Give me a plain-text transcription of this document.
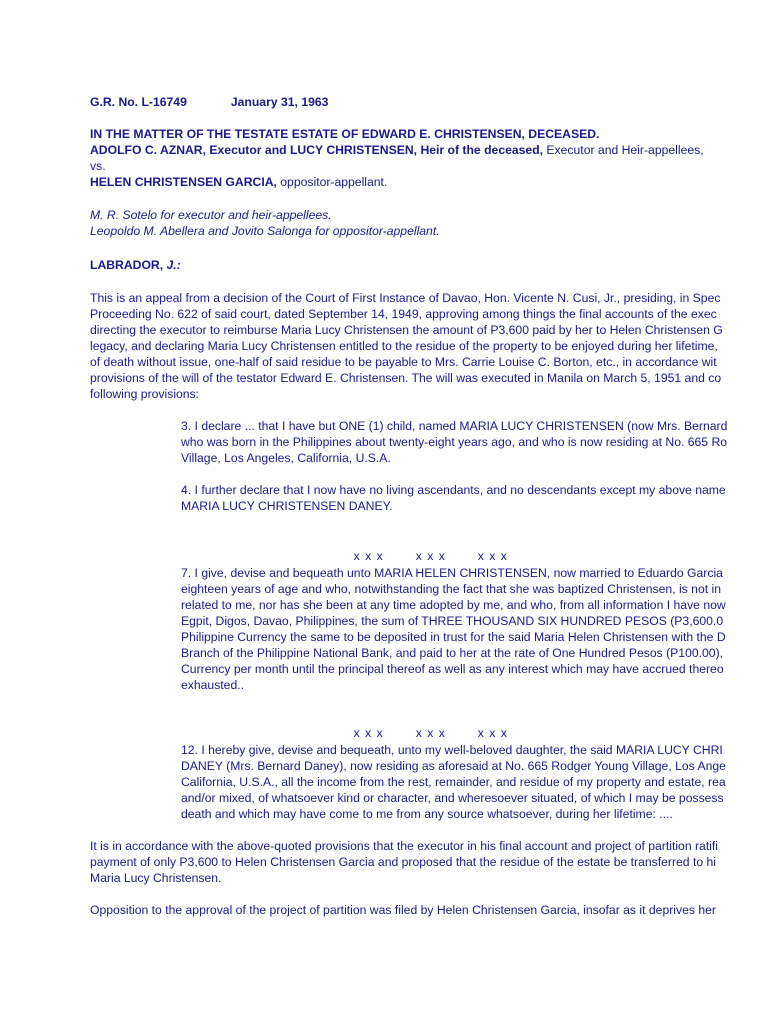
G.R. No. L-16749	January 31, 1963
IN THE MATTER OF THE TESTATE ESTATE OF EDWARD E. CHRISTENSEN, DECEASED.
ADOLFO C. AZNAR, Executor and LUCY CHRISTENSEN, Heir of the deceased, Executor and Heir-appellees,
vs.
HELEN CHRISTENSEN GARCIA, oppositor-appellant.
M. R. Sotelo for executor and heir-appellees.
Leopoldo M. Abellera and Jovito Salonga for oppositor-appellant.
LABRADOR, J.:
This is an appeal from a decision of the Court of First Instance of Davao, Hon. Vicente N. Cusi, Jr., presiding, in Spec
Proceeding No. 622 of said court, dated September 14, 1949, approving among things the final accounts of the exec
directing the executor to reimburse Maria Lucy Christensen the amount of P3,600 paid by her to Helen Christensen G
legacy, and declaring Maria Lucy Christensen entitled to the residue of the property to be enjoyed during her lifetime,
of death without issue, one-half of said residue to be payable to Mrs. Carrie Louise C. Borton, etc., in accordance wit
provisions of the will of the testator Edward E. Christensen. The will was executed in Manila on March 5, 1951 and co
following provisions:
3. I declare ... that I have but ONE (1) child, named MARIA LUCY CHRISTENSEN (now Mrs. Bernard
who was born in the Philippines about twenty-eight years ago, and who is now residing at No. 665 Ro
Village, Los Angeles, California, U.S.A.
4. I further declare that I now have no living ascendants, and no descendants except my above name
MARIA LUCY CHRISTENSEN DANEY.

x x x	x x x	x x x

7. I give, devise and bequeath unto MARIA HELEN CHRISTENSEN, now married to Eduardo Garcia
eighteen years of age and who, notwithstanding the fact that she was baptized Christensen, is not in
related to me, nor has she been at any time adopted by me, and who, from all information I have now
Egpit, Digos, Davao, Philippines, the sum of THREE THOUSAND SIX HUNDRED PESOS (P3,600.0
Philippine Currency the same to be deposited in trust for the said Maria Helen Christensen with the D
Branch of the Philippine National Bank, and paid to her at the rate of One Hundred Pesos (P100.00),
Currency per month until the principal thereof as well as any interest which may have accrued thereo
exhausted..

x x x	x x x	x x x

12. I hereby give, devise and bequeath, unto my well-beloved daughter, the said MARIA LUCY CHRI
DANEY (Mrs. Bernard Daney), now residing as aforesaid at No. 665 Rodger Young Village, Los Ange
California, U.S.A., all the income from the rest, remainder, and residue of my property and estate, rea
and/or mixed, of whatsoever kind or character, and wheresoever situated, of which I may be possess
death and which may have come to me from any source whatsoever, during her lifetime: ....
It is in accordance with the above-quoted provisions that the executor in his final account and project of partition ratifi
payment of only P3,600 to Helen Christensen Garcia and proposed that the residue of the estate be transferred to hi
Maria Lucy Christensen.
Opposition to the approval of the project of partition was filed by Helen Christensen Garcia, insofar as it deprives her
